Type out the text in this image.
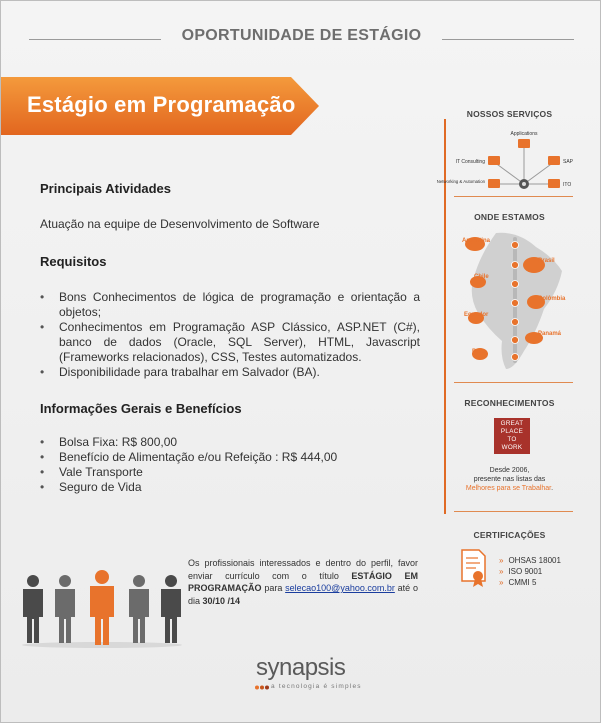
OPORTUNIDADE DE ESTÁGIO
Estágio em Programação
Principais Atividades
Atuação na equipe de Desenvolvimento de Software
Requisitos
• Bons Conhecimentos de lógica de programação e orientação a objetos;
• Conhecimentos em Programação ASP Clássico, ASP.NET (C#), banco de dados (Oracle, SQL Server), HTML, Javascript (Frameworks relacionados), CSS, Testes automatizados.
• Disponibilidade para trabalhar em Salvador (BA).
Informações Gerais e Benefícios
• Bolsa Fixa: R$ 800,00
• Benefício de Alimentação e/ou Refeição : R$ 444,00
• Vale Transporte
• Seguro de Vida
Os profissionais interessados e dentro do perfil, favor enviar currículo com o título ESTÁGIO EM PROGRAMAÇÃO para selecao100@yahoo.com.br até o dia 30/10 /14
synapsis
a tecnologia é simples
NOSSOS SERVIÇOS
Applications
IT Consulting	SAP
Networking & Automation
ITO
ONDE ESTAMOS
Argentina
Brasil
Chile
Colômbia
Equador
Panamá
Peru
RECONHECIMENTOS
GREAT
PLACE
TO
WORK
Desde 2006,
presente nas listas das
Melhores para se Trabalhar.
CERTIFICAÇÕES
» OHSAS 18001
» ISO 9001
» CMMI 5
